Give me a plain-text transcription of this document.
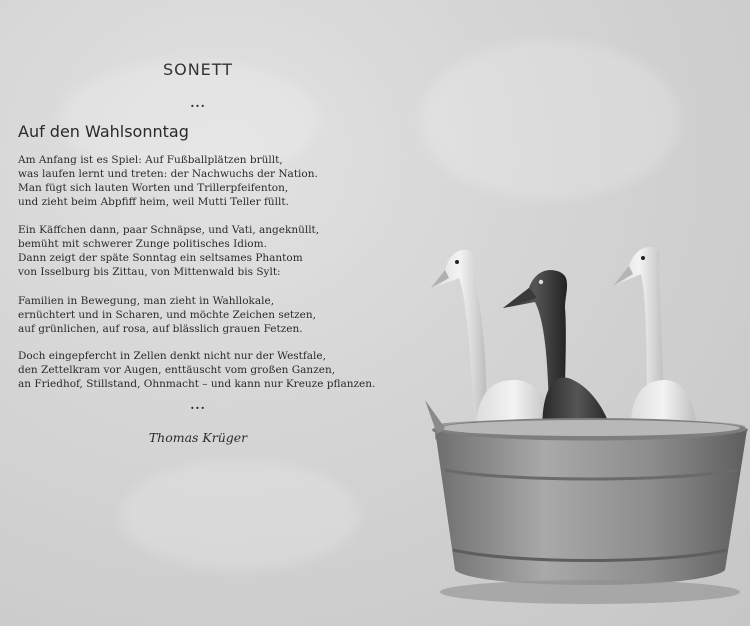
SONETT
...
Auf den Wahlsonntag
Am Anfang ist es Spiel: Auf Fußballplätzen brüllt,
was laufen lernt und treten: der Nachwuchs der Nation.
Man fügt sich lauten Worten und Trillerpfeifenton,
und zieht beim Abpfiff heim, weil Mutti Teller füllt.
Ein Käffchen dann, paar Schnäpse, und Vati, angeknüllt,
bemüht mit schwerer Zunge politisches Idiom.
Dann zeigt der späte Sonntag ein seltsames Phantom
von Isselburg bis Zittau, von Mittenwald bis Sylt:
Familien in Bewegung, man zieht in Wahllokale,
ernüchtert und in Scharen, und möchte Zeichen setzen,
auf grünlichen, auf rosa, auf blässlich grauen Fetzen.
Doch eingepfercht in Zellen denkt nicht nur der Westfale,
den Zettelkram vor Augen, enttäuscht vom großen Ganzen,
an Friedhof, Stillstand, Ohnmacht – und kann nur Kreuze pflanzen.
...
Thomas Krüger
